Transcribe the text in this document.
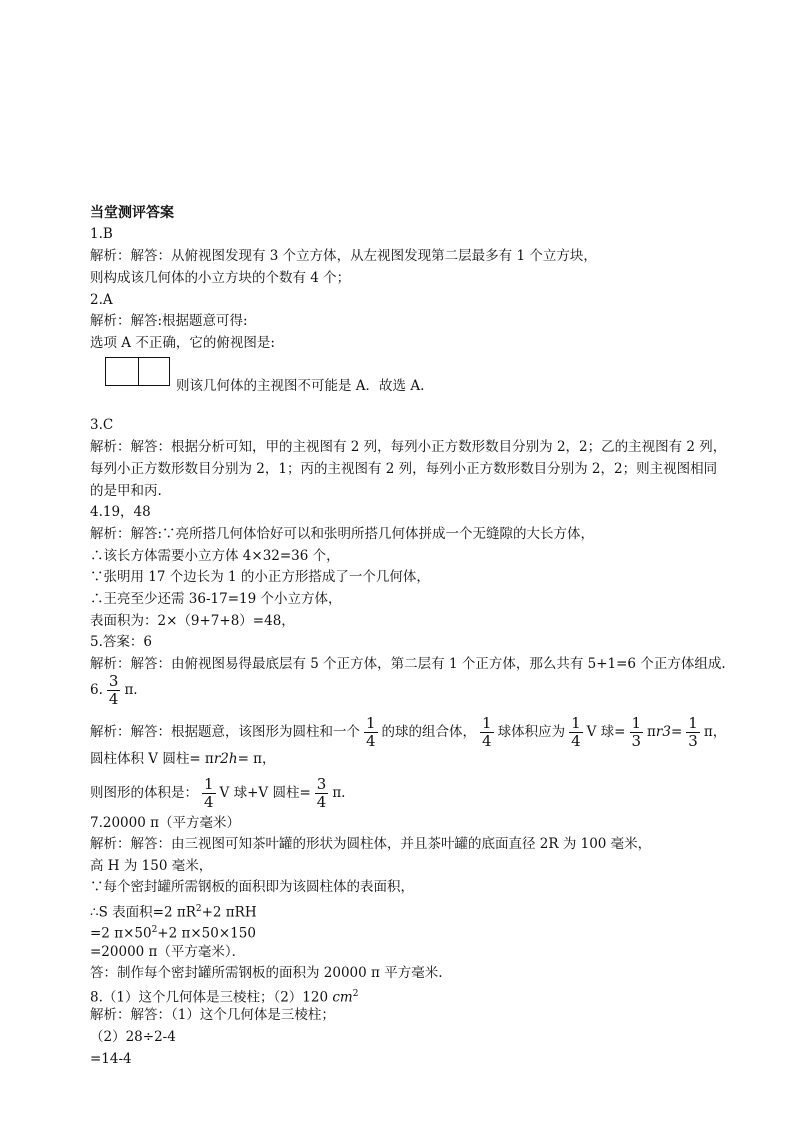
当堂测评答案
1.B
解析：解答：从俯视图发现有 3 个立方体，从左视图发现第二层最多有 1 个立方块，
则构成该几何体的小立方块的个数有 4 个；
2.A
解析：解答:根据题意可得:
选项 A 不正确，它的俯视图是:
则该几何体的主视图不可能是 A．故选 A.
3.C
解析：解答：根据分析可知，甲的主视图有 2 列，每列小正方数形数目分别为 2，2；乙的主视图有 2 列，
每列小正方数形数目分别为 2，1；丙的主视图有 2 列，每列小正方数形数目分别为 2，2；则主视图相同
的是甲和丙.
4.19，48
解析：解答:∵亮所搭几何体恰好可以和张明所搭几何体拼成一个无缝隙的大长方体，
∴该长方体需要小立方体 4×32=36 个，
∵张明用 17 个边长为 1 的小正方形搭成了一个几何体，
∴王亮至少还需 36-17=19 个小立方体，
表面积为：2×（9+7+8）=48，
5.答案：6
解析：解答：由俯视图易得最底层有 5 个正方体，第二层有 1 个正方体，那么共有 5+1=6 个正方体组成.
6. $\frac{3}{4} \pi$.
解析：解答：根据题意，该图形为圆柱和一个 $\frac{1}{4}$ 的球的组合体， $\frac{1}{4}$ 球体积应为 $\frac{1}{4}$ V 球= $\frac{1}{3} \pi r3= \frac{1}{3}$ π，
圆柱体积 V 圆柱= πr2h= π，
则图形的体积是： $\frac{1}{4}$ V 球+V 圆柱= $\frac{3}{4} \pi$.
7.20000 π（平方毫米）
解析：解答：由三视图可知茶叶罐的形状为圆柱体，并且茶叶罐的底面直径 2R 为 100 毫米，
高 H 为 150 毫米，
∵每个密封罐所需钢板的面积即为该圆柱体的表面积，
∴S 表面积=2 $\pi R^2+2$ πRH
=2 $\pi\times 50^2+2$ π×50×150
=20000 π（平方毫米）．
答：制作每个密封罐所需钢板的面积为 20000 π 平方毫米.
8.（1）这个几何体是三棱柱；（2）120 $cm^2$
解析：解答：（1）这个几何体是三棱柱；
（2）28÷2-4
=14-4
